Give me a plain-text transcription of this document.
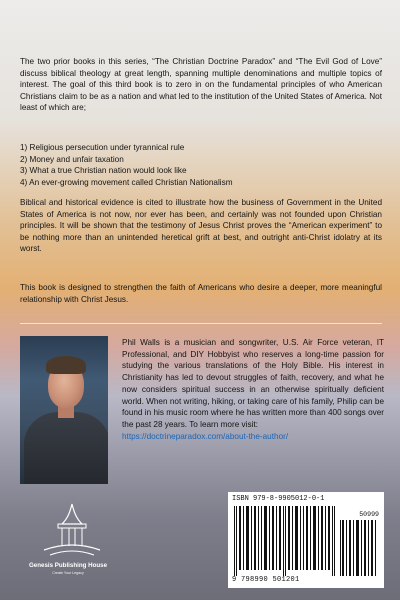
The two prior books in this series, “The Christian Doctrine Paradox” and “The Evil God of Love” discuss biblical theology at great length, spanning multiple denominations and multiple topics of interest. The goal of this third book is to zero in on the fundamental principles of who American Christians claim to be as a nation and what led to the institution of the United States of America. Not least of which are;

1) Religious persecution under tyrannical rule
2) Money and unfair taxation
3) What a true Christian nation would look like
4) An ever-growing movement called Christian Nationalism

Biblical and historical evidence is cited to illustrate how the business of Government in the United States of America is not now, nor ever has been, and certainly was not founded upon Christian principles. It will be shown that the testimony of Jesus Christ proves the “American experiment” to be nothing more than an unintended heretical grift at best, and outright anti-Christ idolatry at its worst.

This book is designed to strengthen the faith of Americans who desire a deeper, more meaningful relationship with Christ Jesus.

Phil Walls is a musician and songwriter, U.S. Air Force veteran, IT Professional, and DIY Hobbyist who reserves a long-time passion for studying the various translations of the Holy Bible. His interest in Christianity has led to devout struggles of faith, recovery, and what he now considers spiritual success in an otherwise spiritually deficient world. When not writing, hiking, or taking care of his family, Philip can be found in his music room where he has written more than 400 songs over the past 28 years. To learn more visit:
https://doctrineparadox.com/about-the-author/

Genesis Publishing House
Create Your Legacy
ISBN 979-8-9905012-0-1
50999
9 798990 501201
